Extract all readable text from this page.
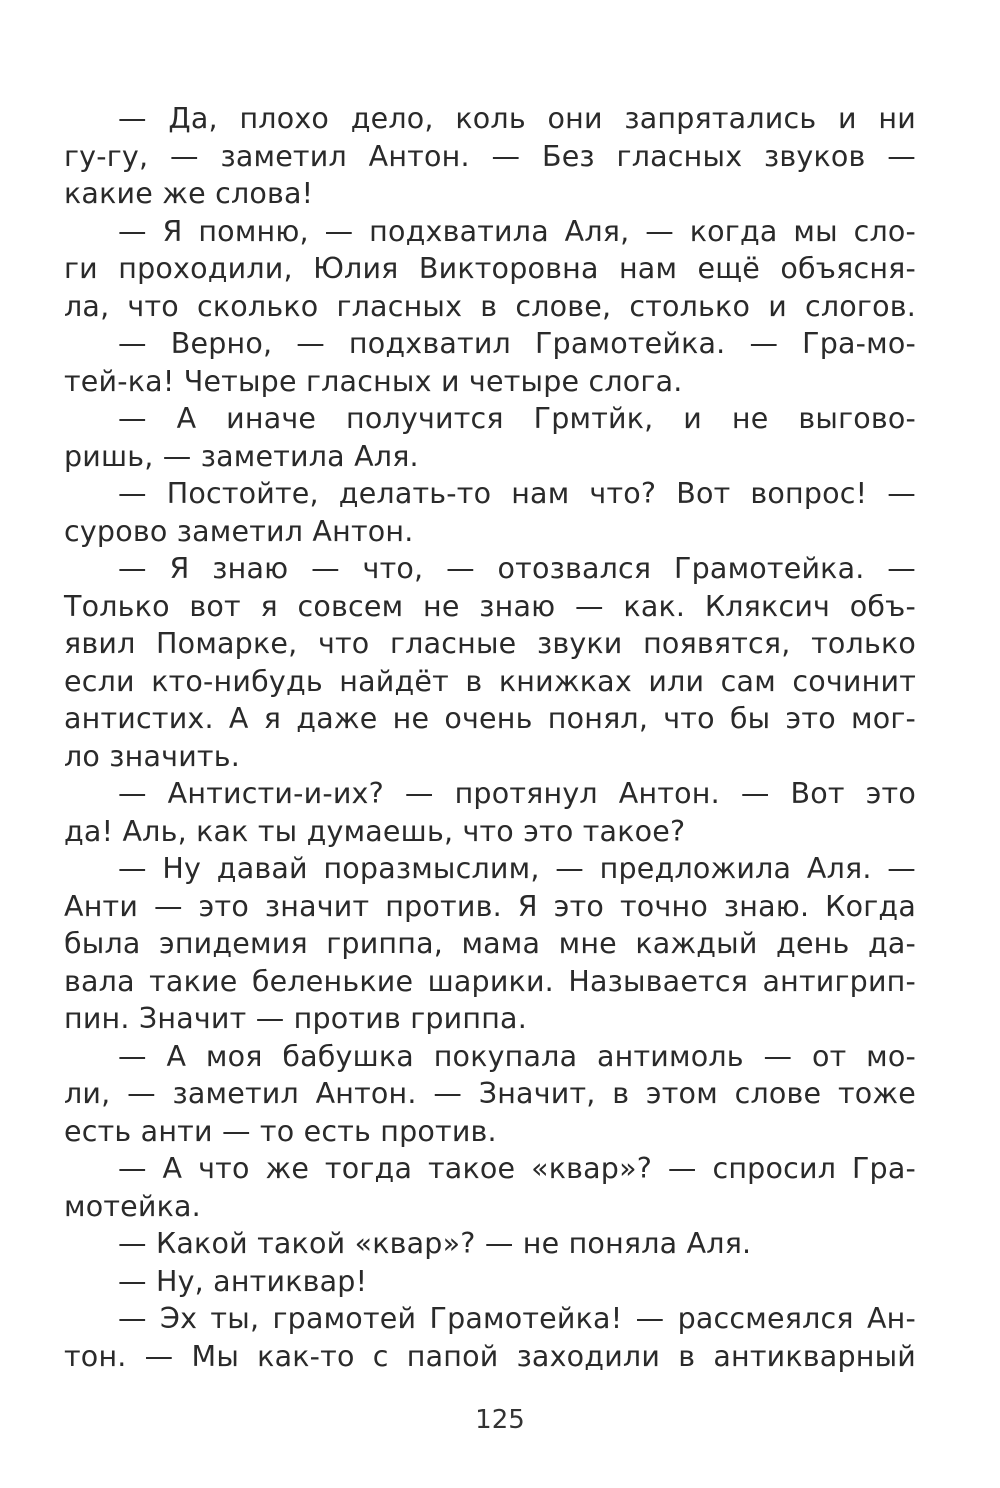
— Да, плохо дело, коль они запрятались и ни
гу-гу, — заметил Антон. — Без гласных звуков —
какие же слова!
— Я помню, — подхватила Аля, — когда мы сло-
ги проходили, Юлия Викторовна нам ещё объясня-
ла, что сколько гласных в слове, столько и слогов.
— Верно, — подхватил Грамотейка. — Гра-мо-
тей-ка! Четыре гласных и четыре слога.
— А иначе получится Грмтйк, и не выгово-
ришь, — заметила Аля.
— Постойте, делать-то нам что? Вот вопрос! —
сурово заметил Антон.
— Я знаю — что, — отозвался Грамотейка. —
Только вот я совсем не знаю — как. Кляксич объ-
явил Помарке, что гласные звуки появятся, только
если кто-нибудь найдёт в книжках или сам сочинит
антистих. А я даже не очень понял, что бы это мог-
ло значить.
— Антисти-и-их? — протянул Антон. — Вот это
да! Аль, как ты думаешь, что это такое?
— Ну давай поразмыслим, — предложила Аля. —
Анти — это значит против. Я это точно знаю. Когда
была эпидемия гриппа, мама мне каждый день да-
вала такие беленькие шарики. Называется антигрип-
пин. Значит — против гриппа.
— А моя бабушка покупала антимоль — от мо-
ли, — заметил Антон. — Значит, в этом слове тоже
есть анти — то есть против.
— А что же тогда такое «квар»? — спросил Гра-
мотейка.
— Какой такой «квар»? — не поняла Аля.
— Ну, антиквар!
— Эх ты, грамотей Грамотейка! — рассмеялся Ан-
тон. — Мы как-то с папой заходили в антикварный
125
